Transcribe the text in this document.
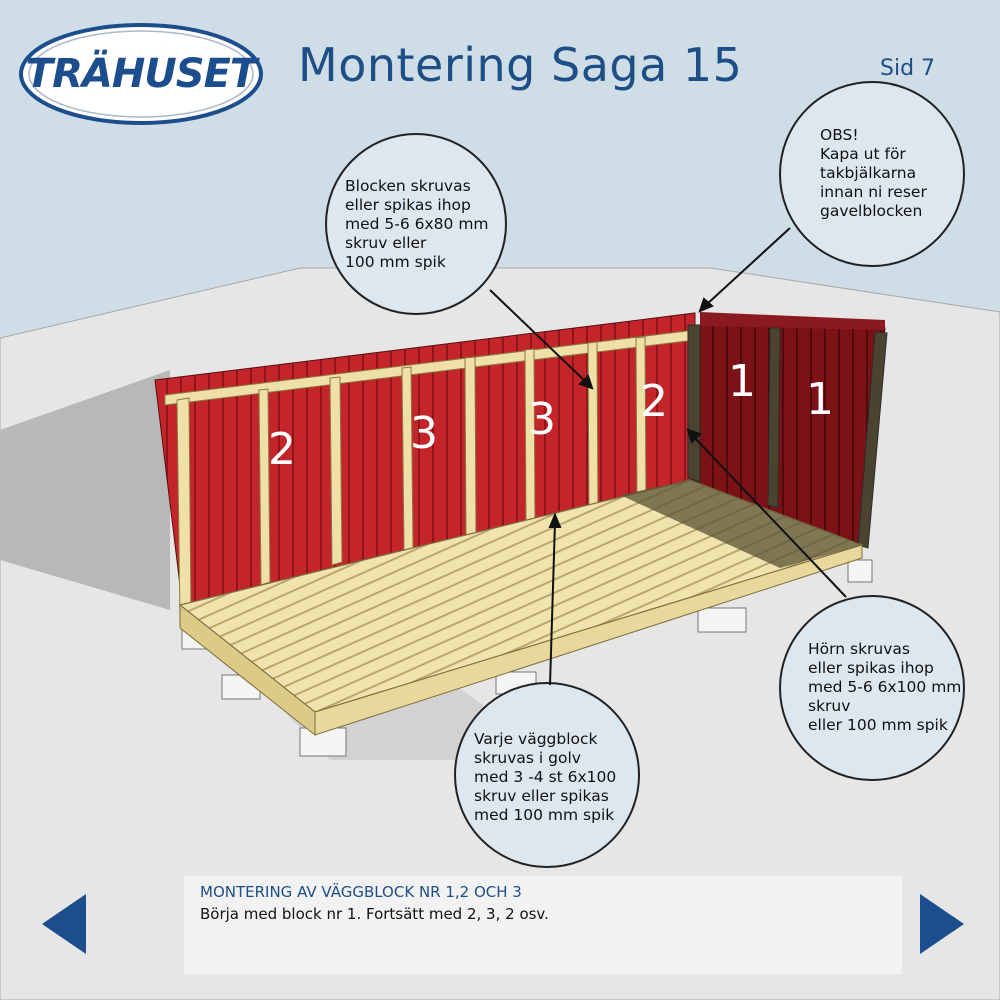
TRÄHUSET Montering Saga 15	Sid 7
2	3 3 2 1 1
Blocken skruvas
eller spikas ihop
med 5-6 6x80 mm
skruv eller
100 mm spik
OBS!
Kapa ut för
takbjälkarna
innan ni reser
gavelblocken
Hörn skruvas
eller spikas ihop
med 5-6 6x100 mm
skruv
eller 100 mm spik
Varje väggblock
skruvas i golv
med 3 -4 st 6x100
skruv eller spikas
med 100 mm spik
MONTERING AV VÄGGBLOCK NR 1,2 OCH 3
Börja med block nr 1. Fortsätt med 2, 3, 2 osv.
